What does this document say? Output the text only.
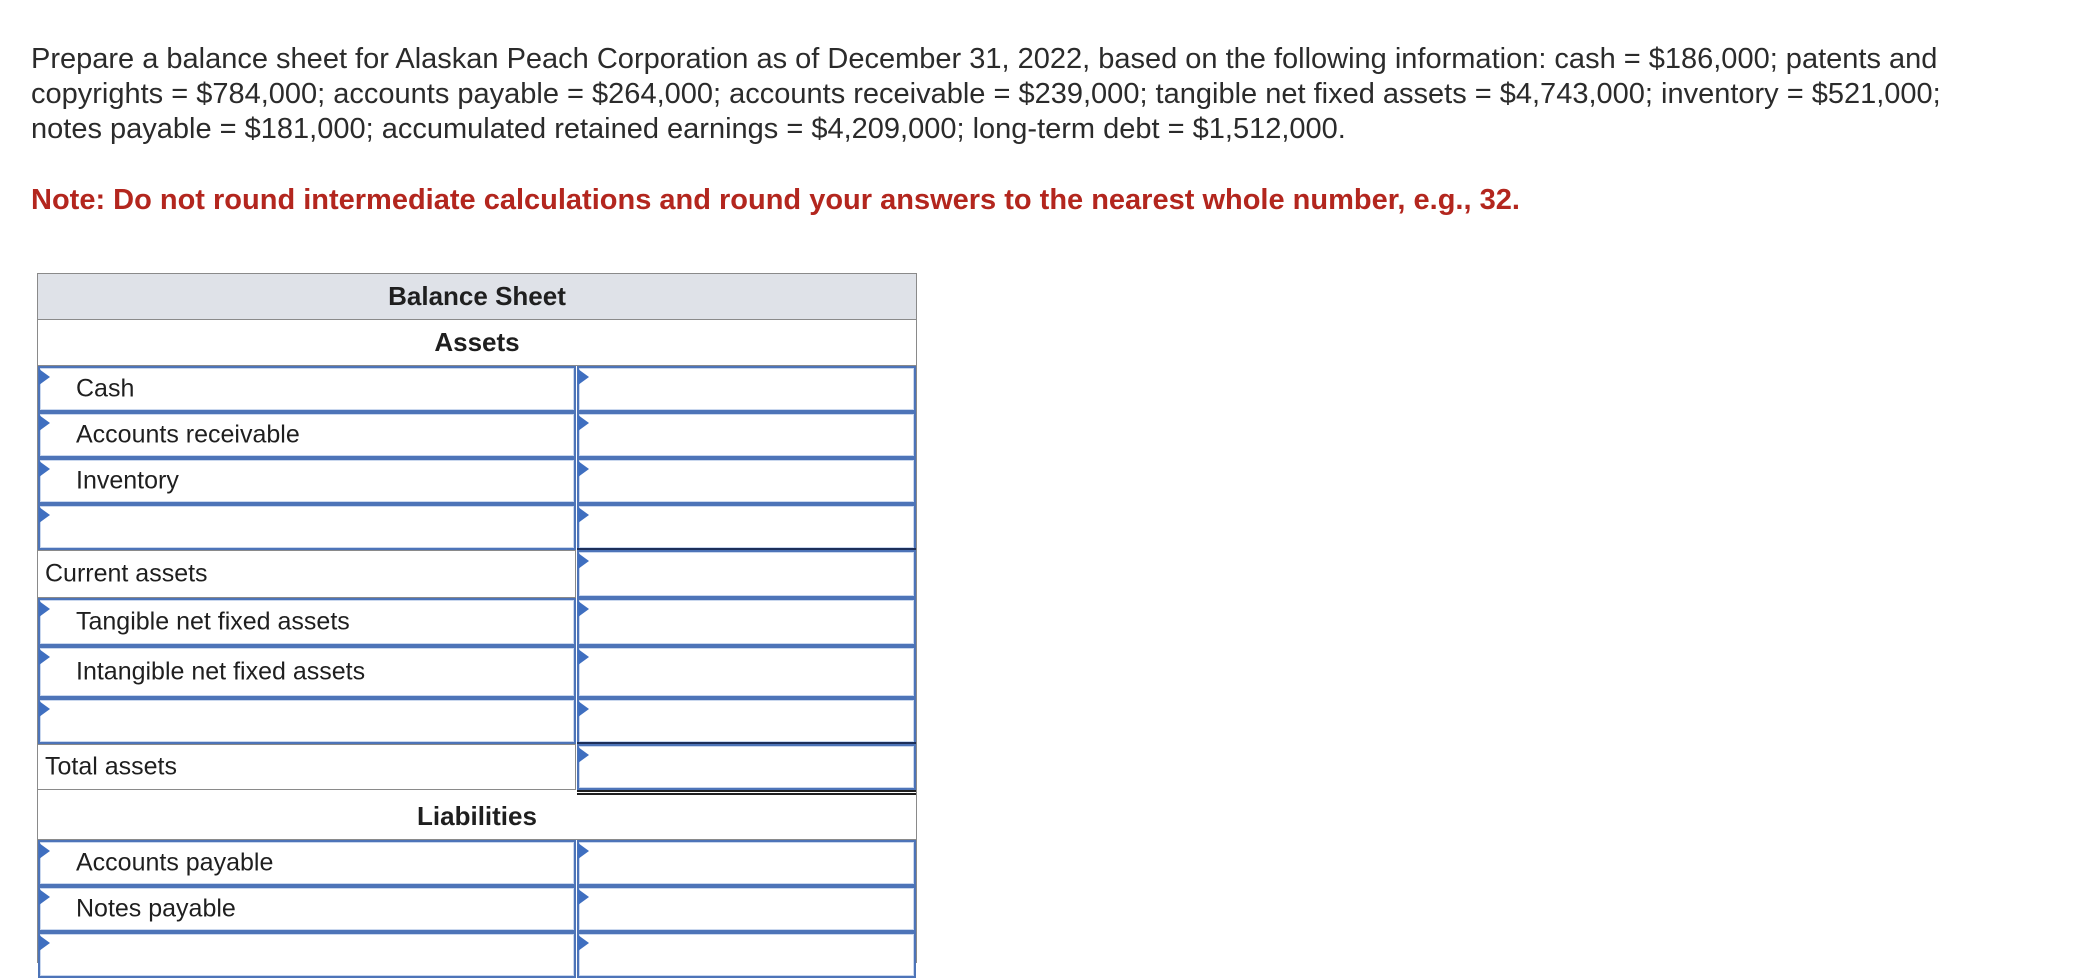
Prepare a balance sheet for Alaskan Peach Corporation as of December 31, 2022, based on the following information: cash = $186,000; patents and copyrights = $784,000; accounts payable = $264,000; accounts receivable = $239,000; tangible net fixed assets = $4,743,000; inventory = $521,000; notes payable = $181,000; accumulated retained earnings = $4,209,000; long-term debt = $1,512,000.
Note: Do not round intermediate calculations and round your answers to the nearest whole number, e.g., 32.
Balance Sheet
Assets
Cash
Accounts receivable
Inventory
Current assets
Tangible net fixed assets
Intangible net fixed assets
Total assets
Liabilities
Accounts payable
Notes payable
